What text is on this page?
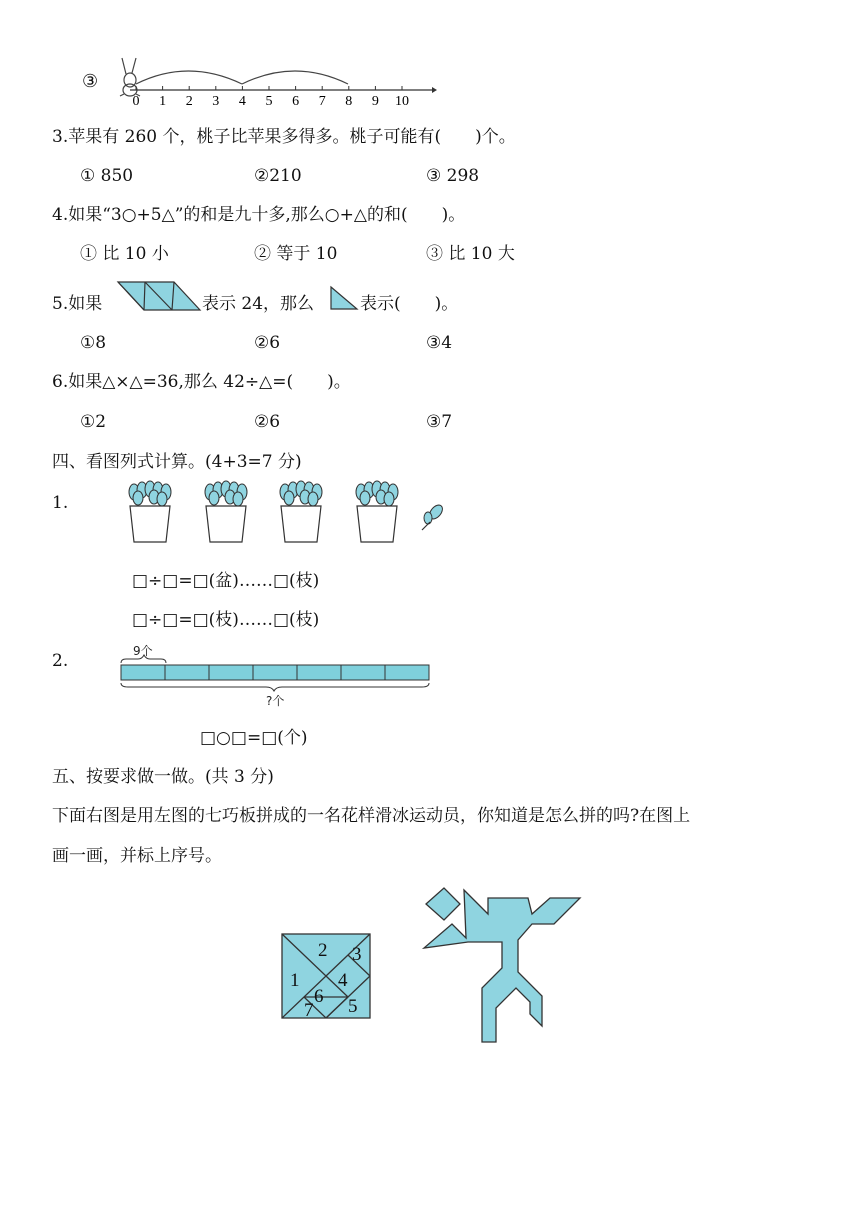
③
0 1 2 3 4 5 6 7 8 9 10
3.苹果有 260 个，桃子比苹果多得多。桃子可能有(　　)个。
① 850	②210	③ 298
4.如果“3○+5△”的和是九十多,那么○+△的和(　　)。
① 比 10 小	② 等于 10	③ 比 10 大
5.如果	表示 24，那么	表示(　　)。
①8	②6	③4
6.如果△×△=36,那么 42÷△=(　　)。
①2	②6	③7
四、看图列式计算。(4+3=7 分)
1.
□÷□=□(盆)……□(枝)
□÷□=□(枝)……□(枝)
2.	9个
?个
□○□=□(个)
五、按要求做一做。(共 3 分)
下面右图是用左图的七巧板拼成的一名花样滑冰运动员，你知道是怎么拼的吗?在图上
画一画，并标上序号。
1
2 3
4
5
6
7
